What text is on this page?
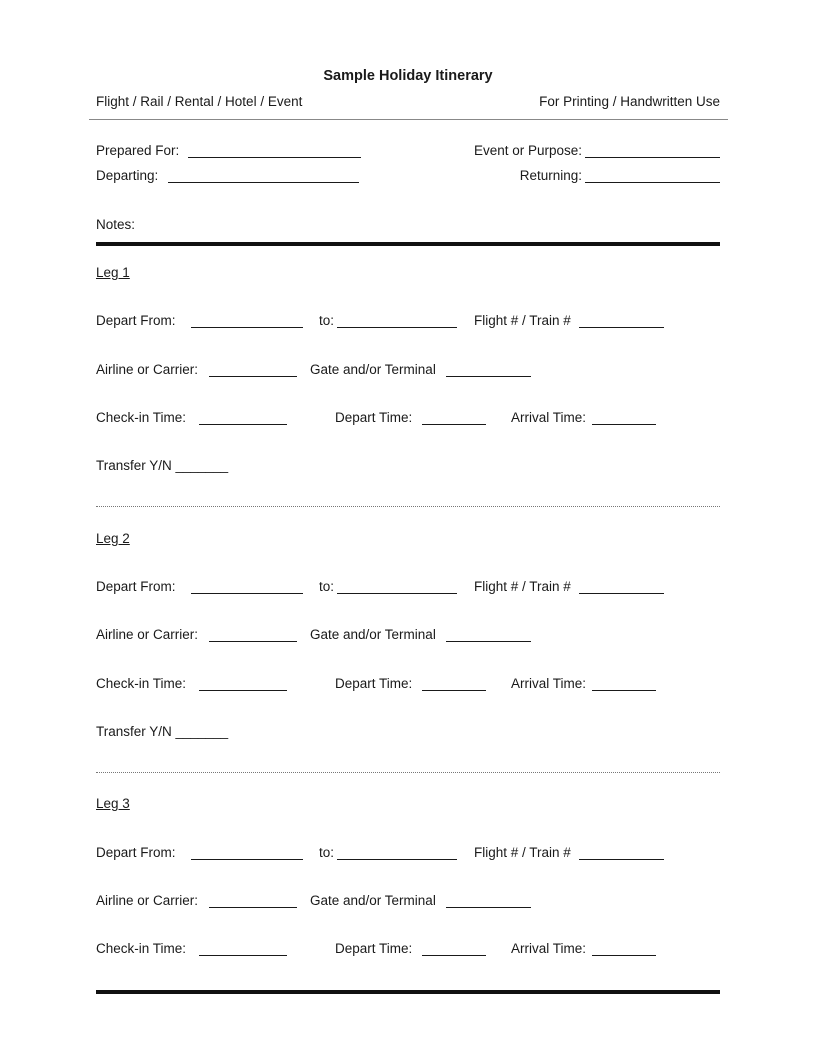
Sample Holiday Itinerary
Flight / Rail / Rental / Hotel / Event	For Printing / Handwritten Use
Prepared For:	Event or Purpose:
Departing:	Returning:
Notes:
Leg 1
Depart From:	to:	Flight # / Train #
Airline or Carrier:	Gate and/or Terminal
Check-in Time:	Depart Time:	Arrival Time:
Transfer Y/N _______
Leg 2
Depart From:	to:	Flight # / Train #
Airline or Carrier:	Gate and/or Terminal
Check-in Time:	Depart Time:	Arrival Time:
Transfer Y/N _______
Leg 3
Depart From:	to:	Flight # / Train #
Airline or Carrier:	Gate and/or Terminal
Check-in Time:	Depart Time:	Arrival Time:
